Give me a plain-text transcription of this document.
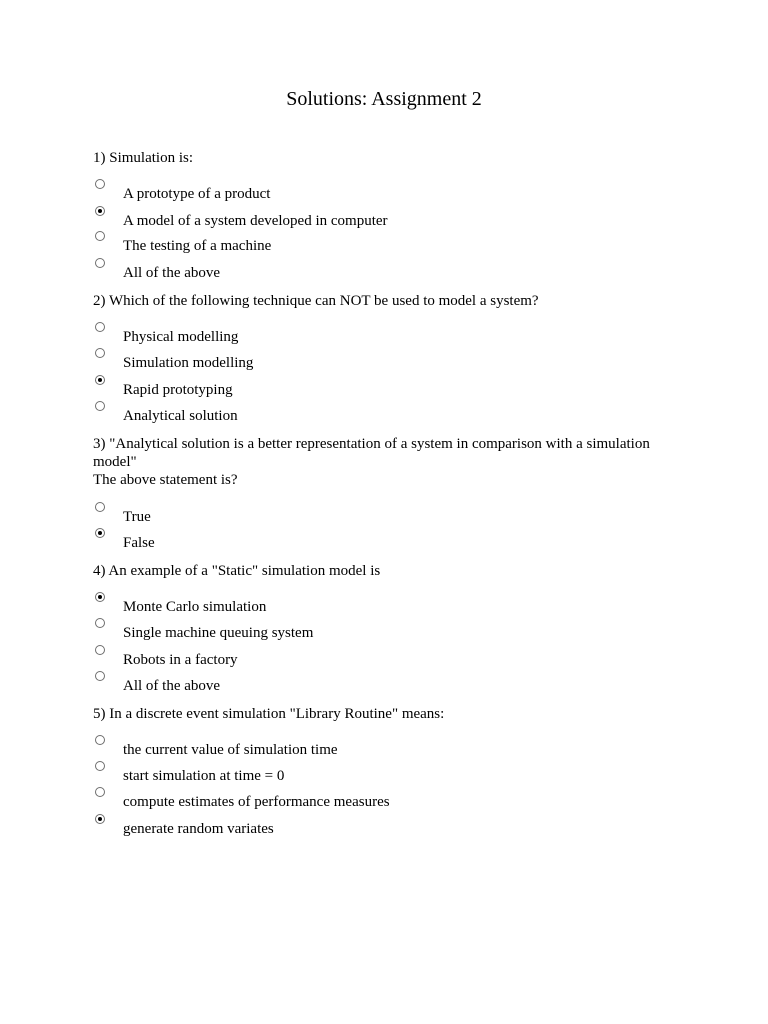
Solutions: Assignment 2
1) Simulation is:
A prototype of a product
A model of a system developed in computer
The testing of a machine
All of the above
2) Which of the following technique can NOT be used to model a system?
Physical modelling
Simulation modelling
Rapid prototyping
Analytical solution
3) "Analytical solution is a better representation of a system in comparison with a simulation
model"
The above statement is?
True
False
4) An example of a "Static" simulation model is
Monte Carlo simulation
Single machine queuing system
Robots in a factory
All of the above
5) In a discrete event simulation "Library Routine" means:
the current value of simulation time
start simulation at time = 0
compute estimates of performance measures
generate random variates
